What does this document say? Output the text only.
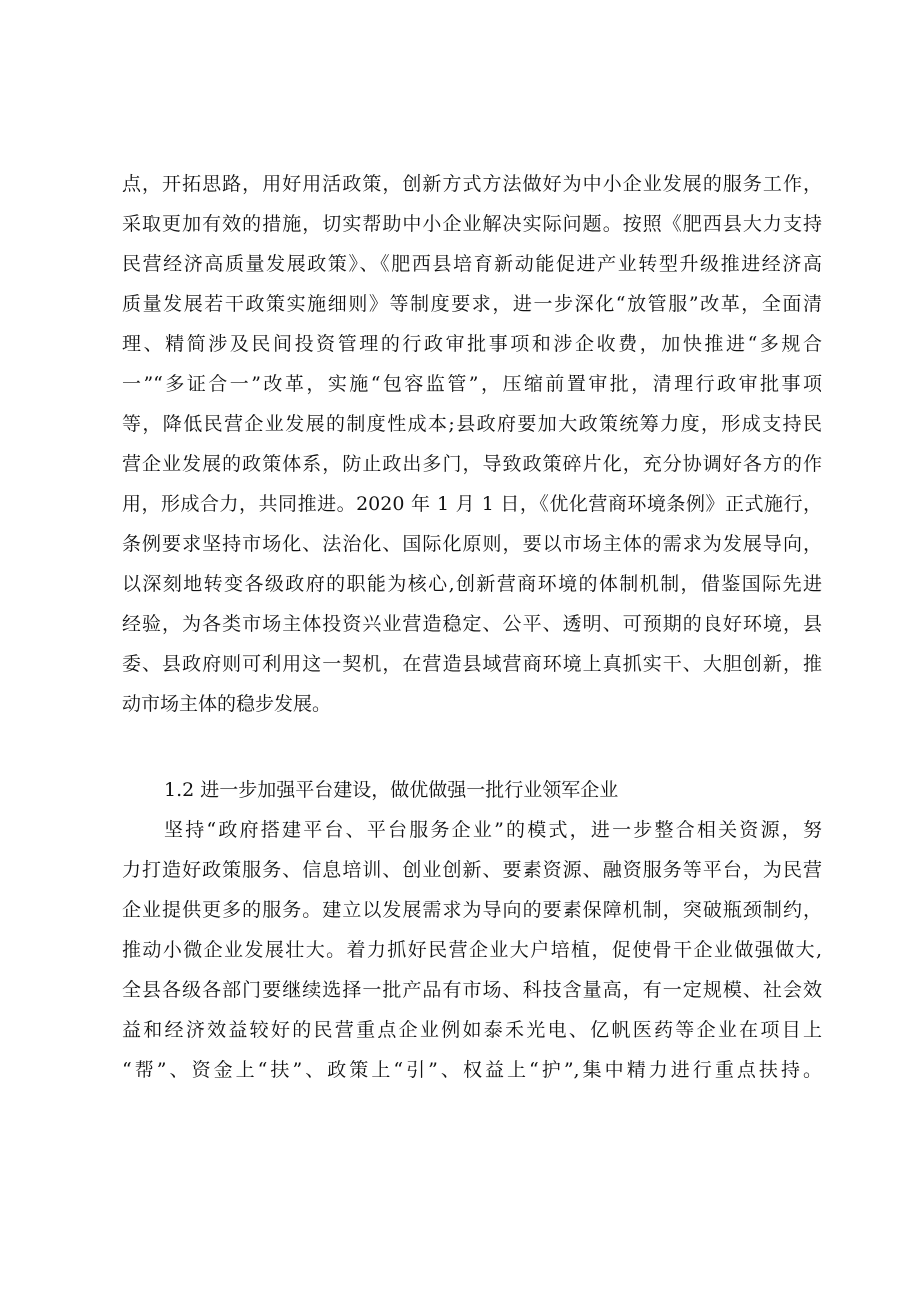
点，开拓思路，用好用活政策，创新方式方法做好为中小企业发展的服务工作，
采取更加有效的措施，切实帮助中小企业解决实际问题。按照《肥西县大力支持
民营经济高质量发展政策》、《肥西县培育新动能促进产业转型升级推进经济高
质量发展若干政策实施细则》等制度要求，进一步深化“放管服”改革，全面清
理、精简涉及民间投资管理的行政审批事项和涉企收费，加快推进“多规合
一”“多证合一”改革，实施“包容监管”，压缩前置审批，清理行政审批事项
等，降低民营企业发展的制度性成本;县政府要加大政策统筹力度，形成支持民
营企业发展的政策体系，防止政出多门，导致政策碎片化，充分协调好各方的作
用，形成合力，共同推进。2020 年 1 月 1 日，《优化营商环境条例》正式施行，
条例要求坚持市场化、法治化、国际化原则，要以市场主体的需求为发展导向，
以深刻地转变各级政府的职能为核心,创新营商环境的体制机制，借鉴国际先进
经验，为各类市场主体投资兴业营造稳定、公平、透明、可预期的良好环境，县
委、县政府则可利用这一契机，在营造县域营商环境上真抓实干、大胆创新，推
动市场主体的稳步发展。
1.2 进一步加强平台建设，做优做强一批行业领军企业
坚持“政府搭建平台、平台服务企业”的模式，进一步整合相关资源，努
力打造好政策服务、信息培训、创业创新、要素资源、融资服务等平台，为民营
企业提供更多的服务。建立以发展需求为导向的要素保障机制，突破瓶颈制约，
推动小微企业发展壮大。着力抓好民营企业大户培植，促使骨干企业做强做大,
全县各级各部门要继续选择一批产品有市场、科技含量高，有一定规模、社会效
益和经济效益较好的民营重点企业例如泰禾光电、亿帆医药等企业在项目上
“帮”、资金上“扶”、政策上“引”、权益上“护”,集中精力进行重点扶持。
